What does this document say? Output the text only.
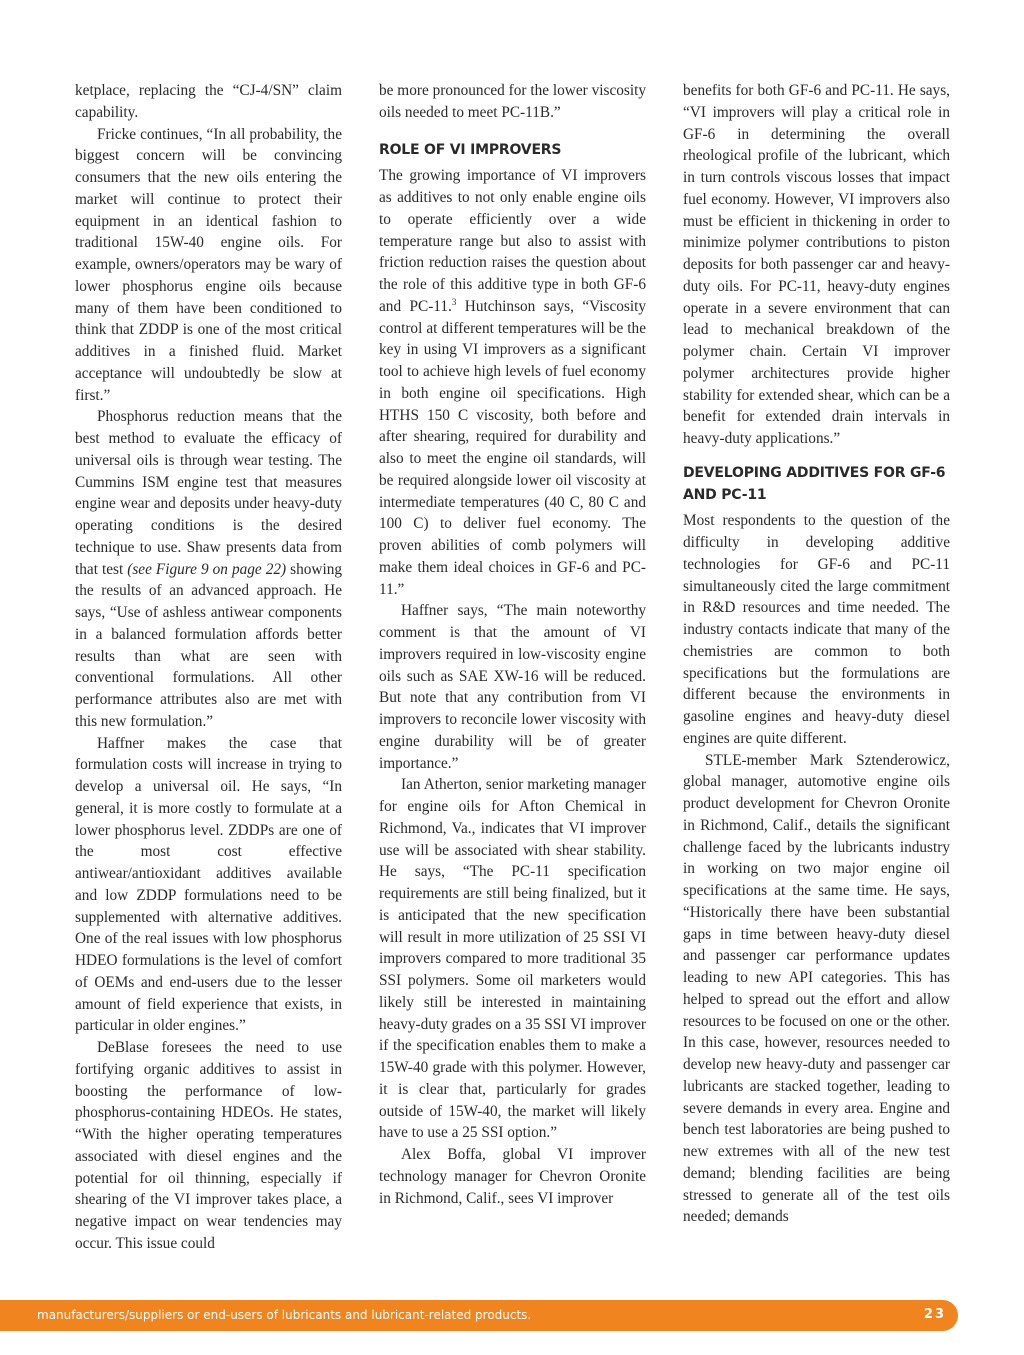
ketplace, replacing the “CJ-4/SN” claim capability.

Fricke continues, “In all probability, the biggest concern will be convincing consumers that the new oils entering the market will continue to protect their equipment in an identical fashion to traditional 15W-40 engine oils. For example, owners/operators may be wary of lower phosphorus engine oils because many of them have been conditioned to think that ZDDP is one of the most critical additives in a finished fluid. Market acceptance will undoubtedly be slow at first.”

Phosphorus reduction means that the best method to evaluate the efficacy of universal oils is through wear testing. The Cummins ISM engine test that measures engine wear and deposits under heavy-duty operating conditions is the desired technique to use. Shaw presents data from that test (see Figure 9 on page 22) showing the results of an advanced approach. He says, “Use of ashless antiwear components in a balanced formulation affords better results than what are seen with conventional formulations. All other performance attributes also are met with this new formulation.”

Haffner makes the case that formulation costs will increase in trying to develop a universal oil. He says, “In general, it is more costly to formulate at a lower phosphorus level. ZDDPs are one of the most cost effective antiwear/antioxidant additives available and low ZDDP formulations need to be supplemented with alternative additives. One of the real issues with low phosphorus HDEO formulations is the level of comfort of OEMs and end-users due to the lesser amount of field experience that exists, in particular in older engines.”

DeBlase foresees the need to use fortifying organic additives to assist in boosting the performance of low-phosphorus-containing HDEOs. He states, “With the higher operating temperatures associated with diesel engines and the potential for oil thinning, especially if shearing of the VI improver takes place, a negative impact on wear tendencies may occur. This issue could

be more pronounced for the lower viscosity oils needed to meet PC-11B.”

ROLE OF VI IMPROVERS

The growing importance of VI improvers as additives to not only enable engine oils to operate efficiently over a wide temperature range but also to assist with friction reduction raises the question about the role of this additive type in both GF-6 and PC-11.$^3$ Hutchinson says, “Viscosity control at different temperatures will be the key in using VI improvers as a significant tool to achieve high levels of fuel economy in both engine oil specifications. High HTHS 150 C viscosity, both before and after shearing, required for durability and also to meet the engine oil standards, will be required alongside lower oil viscosity at intermediate temperatures (40 C, 80 C and 100 C) to deliver fuel economy. The proven abilities of comb polymers will make them ideal choices in GF-6 and PC-11.”

Haffner says, “The main noteworthy comment is that the amount of VI improvers required in low-viscosity engine oils such as SAE XW-16 will be reduced. But note that any contribution from VI improvers to reconcile lower viscosity with engine durability will be of greater importance.”

Ian Atherton, senior marketing manager for engine oils for Afton Chemical in Richmond, Va., indicates that VI improver use will be associated with shear stability. He says, “The PC-11 specification requirements are still being finalized, but it is anticipated that the new specification will result in more utilization of 25 SSI VI improvers compared to more traditional 35 SSI polymers. Some oil marketers would likely still be interested in maintaining heavy-duty grades on a 35 SSI VI improver if the specification enables them to make a 15W-40 grade with this polymer. However, it is clear that, particularly for grades outside of 15W-40, the market will likely have to use a 25 SSI option.”

Alex Boffa, global VI improver technology manager for Chevron Oronite in Richmond, Calif., sees VI improver

benefits for both GF-6 and PC-11. He says, “VI improvers will play a critical role in GF-6 in determining the overall rheological profile of the lubricant, which in turn controls viscous losses that impact fuel economy. However, VI improvers also must be efficient in thickening in order to minimize polymer contributions to piston deposits for both passenger car and heavy-duty oils. For PC-11, heavy-duty engines operate in a severe environment that can lead to mechanical breakdown of the polymer chain. Certain VI improver polymer architectures provide higher stability for extended shear, which can be a benefit for extended drain intervals in heavy-duty applications.”

DEVELOPING ADDITIVES FOR GF-6 AND PC-11

Most respondents to the question of the difficulty in developing additive technologies for GF-6 and PC-11 simultaneously cited the large commitment in R&D resources and time needed. The industry contacts indicate that many of the chemistries are common to both specifications but the formulations are different because the environments in gasoline engines and heavy-duty diesel engines are quite different.

STLE-member Mark Sztenderowicz, global manager, automotive engine oils product development for Chevron Oronite in Richmond, Calif., details the significant challenge faced by the lubricants industry in working on two major engine oil specifications at the same time. He says, “Historically there have been substantial gaps in time between heavy-duty diesel and passenger car performance updates leading to new API categories. This has helped to spread out the effort and allow resources to be focused on one or the other. In this case, however, resources needed to develop new heavy-duty and passenger car lubricants are stacked together, leading to severe demands in every area. Engine and bench test laboratories are being pushed to new extremes with all of the new test demand; blending facilities are being stressed to generate all of the test oils needed; demands

manufacturers/suppliers or end-users of lubricants and lubricant-related products.	23
